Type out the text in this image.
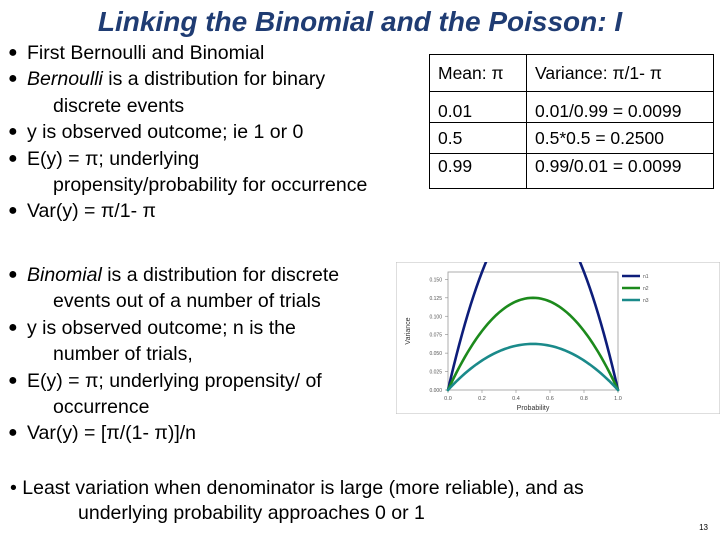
Linking the Binomial and the Poisson: I
● First Bernoulli and Binomial
● Bernoulli is a distribution for binary
discrete events
● y is observed outcome; ie 1 or 0
● E(y) = π; underlying
propensity/probability for occurrence
● Var(y) = π/1- π
Mean: π	Variance: π/1- π
0.01	0.01/0.99 = 0.0099
0.5	0.5*0.5 = 0.2500
0.99	0.99/0.01 = 0.0099
● Binomial is a distribution for discrete
events out of a number of trials
● y is observed outcome; n is the
number of trials,
● E(y) = π; underlying propensity/ of
occurrence
● Var(y) = [π/(1- π)]/n
0.000
0.025
0.050
0.075
0.100
0.125
0.150
0.0	0.2	0.4	0.6	0.8	1.0
Probability
Variance
n1
n2
n3
• Least variation when denominator is large (more reliable), and as
underlying probability approaches 0 or 1
13
